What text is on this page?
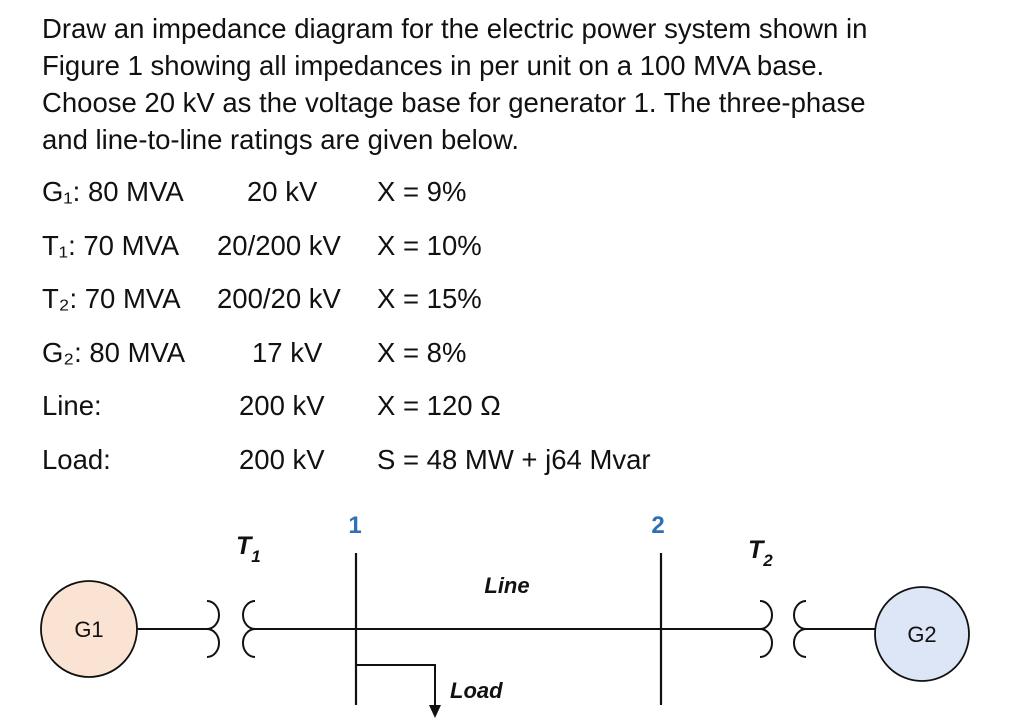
Draw an impedance diagram for the electric power system shown in

Figure 1 showing all impedances in per unit on a 100 MVA base.

Choose 20 kV as the voltage base for generator 1. The three-phase

and line-to-line ratings are given below.

G₁: 80 MVA 20 kV X = 9%
T₁: 70 MVA 20/200 kV X = 10%
T₂: 70 MVA 200/20 kV X = 15%
G₂: 80 MVA 17 kV X = 8%
Line:	200 kV X = 120 Ω
Load:	200 kV S = 48 MW + j64 Mvar
G1	G2
1	2
$T_1$	$T_2$
Line
Load
